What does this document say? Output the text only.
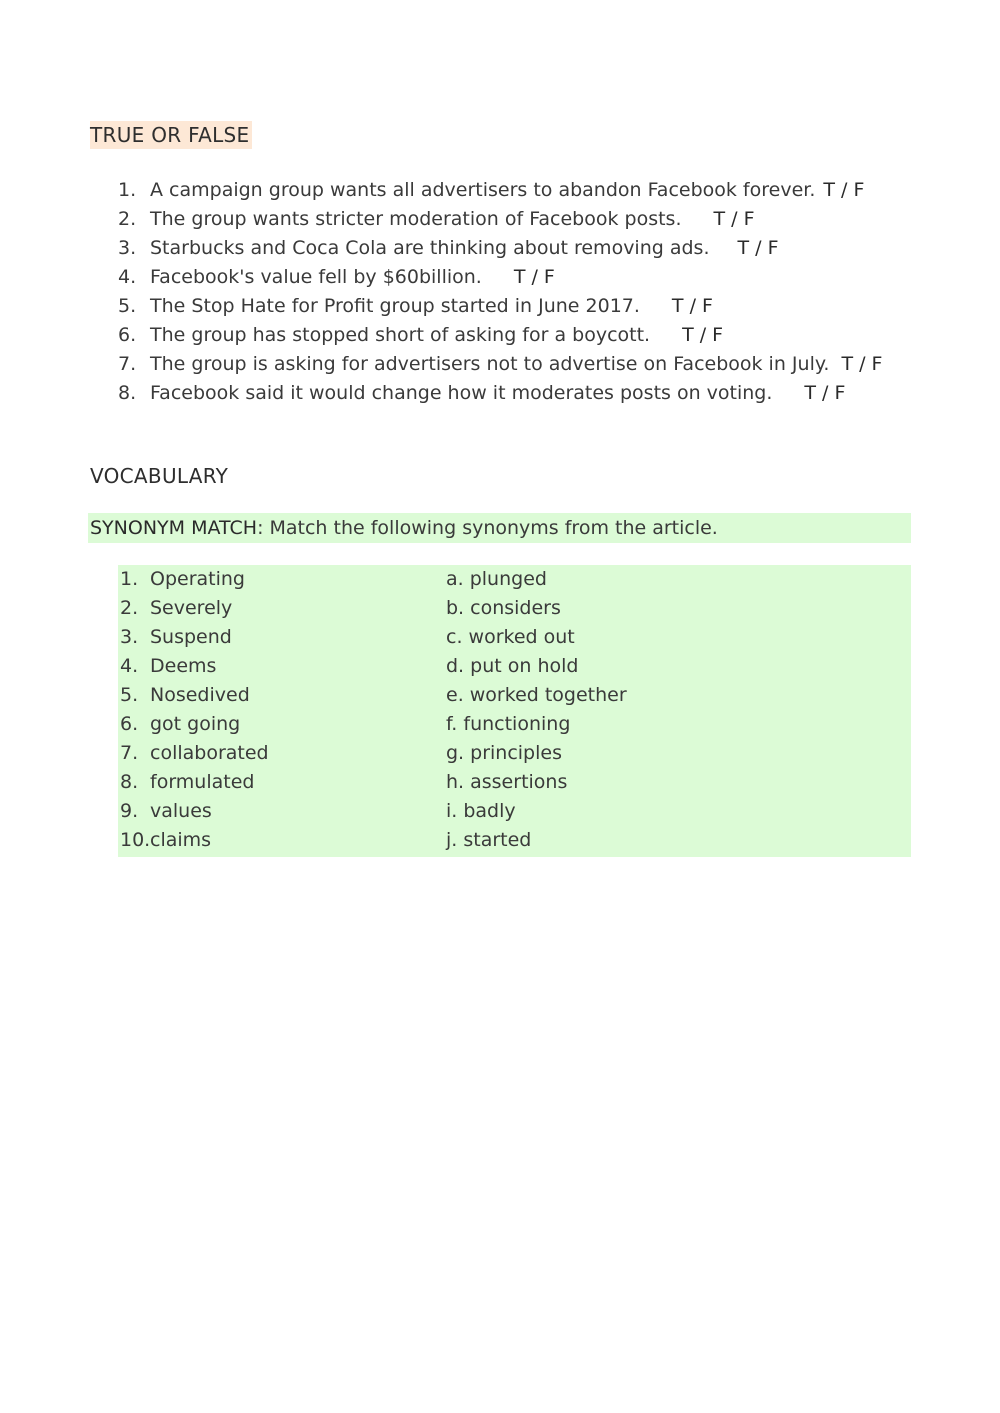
TRUE OR FALSE
1. A campaign group wants all advertisers to abandon Facebook forever. T / F
2. The group wants stricter moderation of Facebook posts. T / F
3. Starbucks and Coca Cola are thinking about removing ads. T / F
4. Facebook's value fell by $60billion. T / F
5. The Stop Hate for Profit group started in June 2017. T / F
6. The group has stopped short of asking for a boycott. T / F
7. The group is asking for advertisers not to advertise on Facebook in July. T / F
8. Facebook said it would change how it moderates posts on voting. T / F
VOCABULARY
SYNONYM MATCH: Match the following synonyms from the article.
1. Operating	a. plunged
2. Severely	b. considers
3. Suspend	c. worked out
4. Deems	d. put on hold
5. Nosedived	e. worked together
6. got going	f. functioning
7. collaborated	g. principles
8. formulated	h. assertions
9. values	i. badly
10.claims	j. started
